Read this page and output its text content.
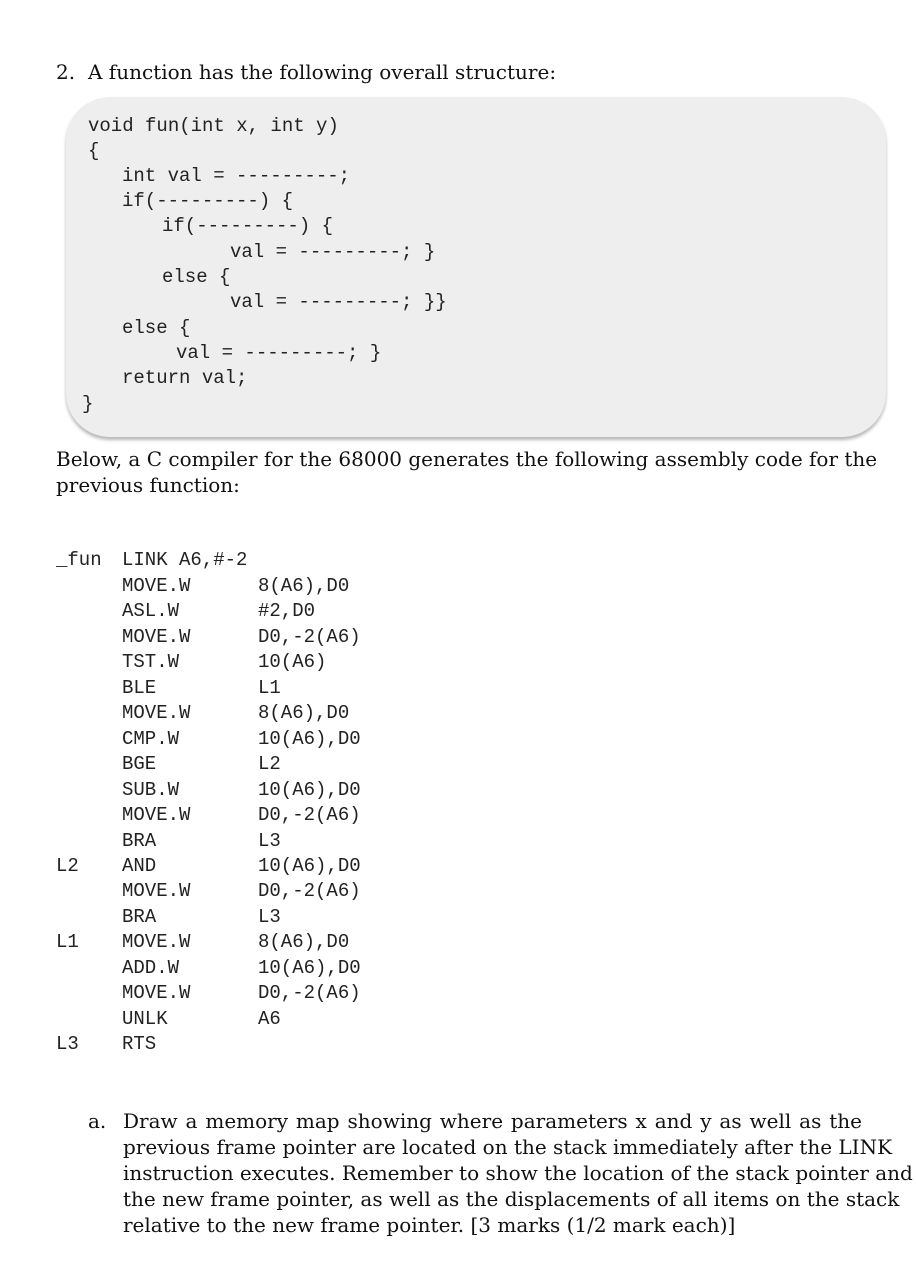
2. A function has the following overall structure:
void fun(int x, int y)
{
int val = ---------;
if(---------) {
if(---------) {
val = ---------; }
else {
val = ---------; }}
else {
val = ---------; }
return val;
}
Below, a C compiler for the 68000 generates the following assembly code for the
previous function:
_fun LINK A6,#-2
MOVE.W	8(A6),D0
ASL.W	#2,D0
MOVE.W	D0,-2(A6)
TST.W	10(A6)
BLE	L1
MOVE.W	8(A6),D0
CMP.W	10(A6),D0
BGE	L2
SUB.W	10(A6),D0
MOVE.W	D0,-2(A6)
BRA	L3
L2 AND	10(A6),D0
MOVE.W	D0,-2(A6)
BRA	L3
L1 MOVE.W	8(A6),D0
ADD.W	10(A6),D0
MOVE.W	D0,-2(A6)
UNLK	A6
L3 RTS
a. Draw a memory map showing where parameters x and y as well as the
previous frame pointer are located on the stack immediately after the LINK
instruction executes. Remember to show the location of the stack pointer and
the new frame pointer, as well as the displacements of all items on the stack
relative to the new frame pointer. [3 marks (1/2 mark each)]
